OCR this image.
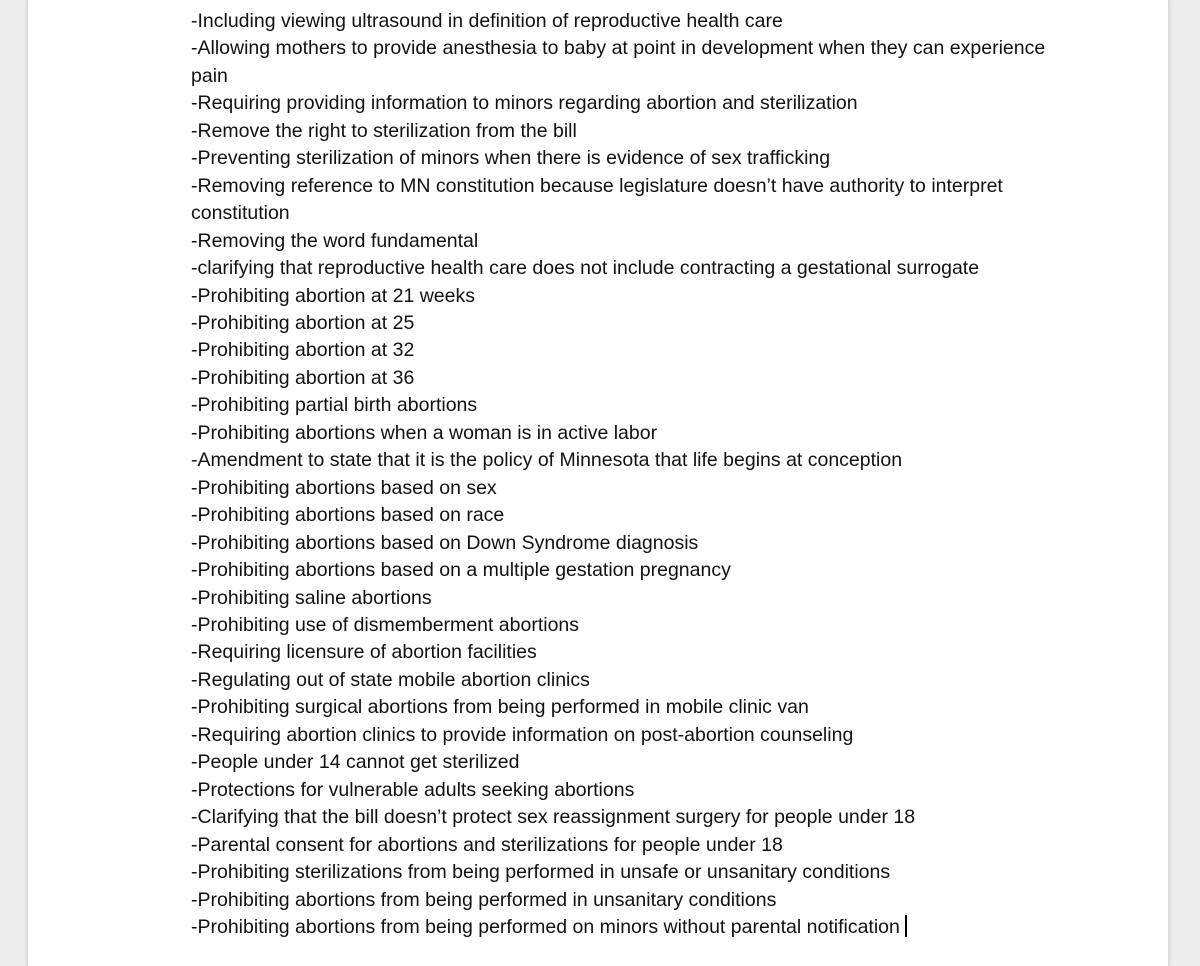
-Including viewing ultrasound in definition of reproductive health care
-Allowing mothers to provide anesthesia to baby at point in development when they can experience pain
-Requiring providing information to minors regarding abortion and sterilization
-Remove the right to sterilization from the bill
-Preventing sterilization of minors when there is evidence of sex trafficking
-Removing reference to MN constitution because legislature doesn’t have authority to interpret constitution
-Removing the word fundamental
-clarifying that reproductive health care does not include contracting a gestational surrogate
-Prohibiting abortion at 21 weeks
-Prohibiting abortion at 25
-Prohibiting abortion at 32
-Prohibiting abortion at 36
-Prohibiting partial birth abortions
-Prohibiting abortions when a woman is in active labor
-Amendment to state that it is the policy of Minnesota that life begins at conception
-Prohibiting abortions based on sex
-Prohibiting abortions based on race
-Prohibiting abortions based on Down Syndrome diagnosis
-Prohibiting abortions based on a multiple gestation pregnancy
-Prohibiting saline abortions
-Prohibiting use of dismemberment abortions
-Requiring licensure of abortion facilities
-Regulating out of state mobile abortion clinics
-Prohibiting surgical abortions from being performed in mobile clinic van
-Requiring abortion clinics to provide information on post-abortion counseling
-People under 14 cannot get sterilized
-Protections for vulnerable adults seeking abortions
-Clarifying that the bill doesn’t protect sex reassignment surgery for people under 18
-Parental consent for abortions and sterilizations for people under 18
-Prohibiting sterilizations from being performed in unsafe or unsanitary conditions
-Prohibiting abortions from being performed in unsanitary conditions
-Prohibiting abortions from being performed on minors without parental notification
